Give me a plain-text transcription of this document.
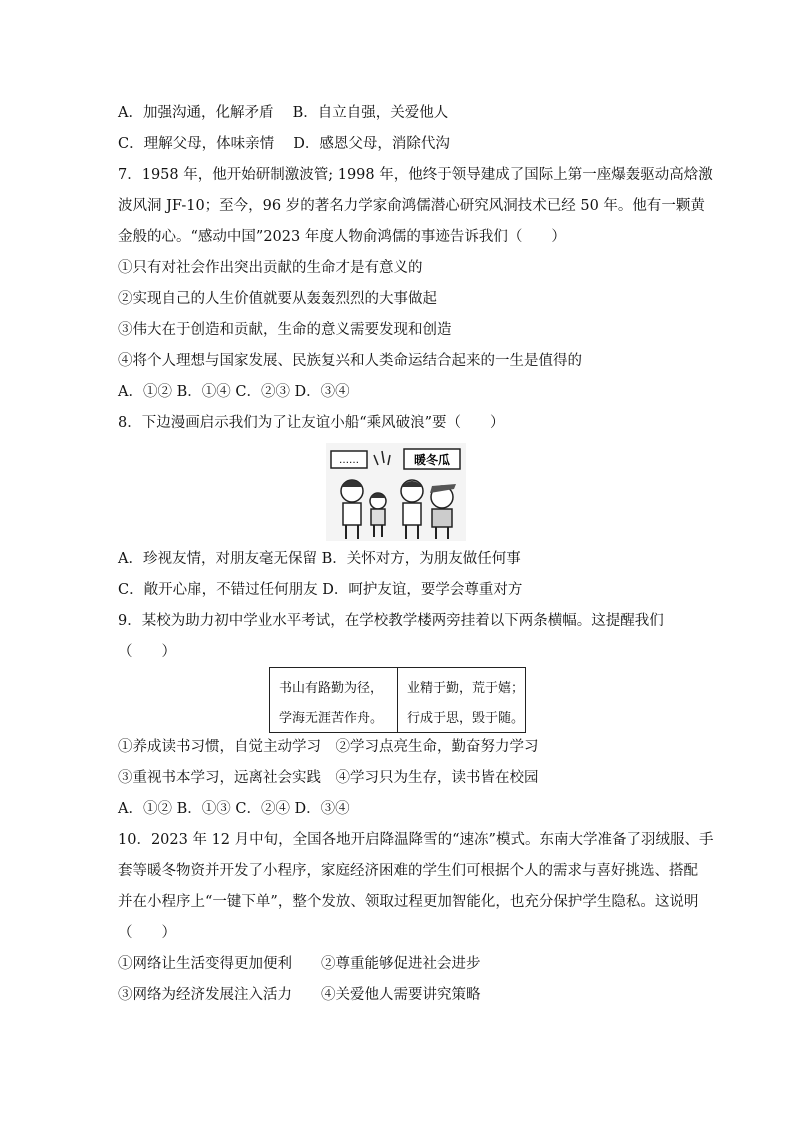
A．加强沟通，化解矛盾　 B．自立自强，关爱他人
C．理解父母，体味亲情　 D．感恩父母，消除代沟
7．1958 年，他开始研制激波管; 1998 年，他终于领导建成了国际上第一座爆轰驱动高焓激
波风洞 JF-10；至今，96 岁的著名力学家俞鸿儒潜心研究风洞技术已经 50 年。他有一颗黄
金般的心。“感动中国”2023 年度人物俞鸿儒的事迹告诉我们（　　）
①只有对社会作出突出贡献的生命才是有意义的
②实现自己的人生价值就要从轰轰烈烈的大事做起
③伟大在于创造和贡献，生命的意义需要发现和创造
④将个人理想与国家发展、民族复兴和人类命运结合起来的一生是值得的
A．①② B．①④ C．②③ D．③④
8．下边漫画启示我们为了让友谊小船“乘风破浪”要（　　）
……	暖冬瓜
A．珍视友情，对朋友毫无保留 B．关怀对方，为朋友做任何事
C．敞开心扉，不错过任何朋友 D．呵护友谊，要学会尊重对方
9．某校为助力初中学业水平考试，在学校教学楼两旁挂着以下两条横幅。这提醒我们
（　　）
书山有路勤为径，
学海无涯苦作舟。
业精于勤，荒于嬉；
行成于思，毁于随。
①养成读书习惯，自觉主动学习　②学习点亮生命，勤奋努力学习
③重视书本学习，远离社会实践　④学习只为生存，读书皆在校园
A．①② B．①③ C．②④ D．③④
10．2023 年 12 月中旬，全国各地开启降温降雪的“速冻”模式。东南大学准备了羽绒服、手
套等暖冬物资并开发了小程序，家庭经济困难的学生们可根据个人的需求与喜好挑选、搭配
并在小程序上“一键下单”，整个发放、领取过程更加智能化，也充分保护学生隐私。这说明
（　　）
①网络让生活变得更加便利　　②尊重能够促进社会进步
③网络为经济发展注入活力　　④关爱他人需要讲究策略
